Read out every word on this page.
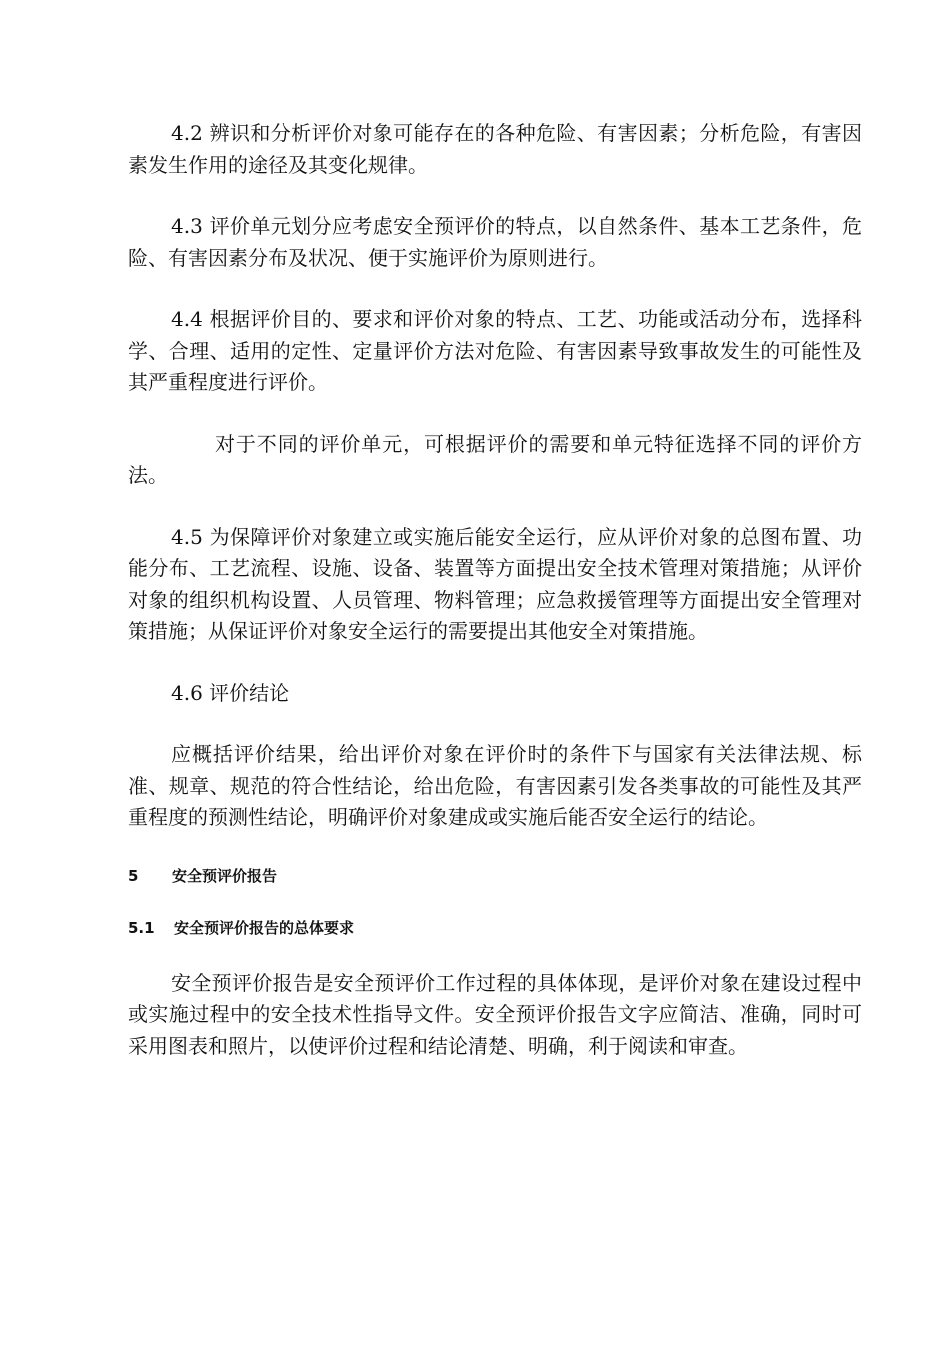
4.2 辨识和分析评价对象可能存在的各种危险、有害因素；分析危险，有害因素发生作用的途径及其变化规律。

4.3 评价单元划分应考虑安全预评价的特点，以自然条件、基本工艺条件，危险、有害因素分布及状况、便于实施评价为原则进行。

4.4 根据评价目的、要求和评价对象的特点、工艺、功能或活动分布，选择科学、合理、适用的定性、定量评价方法对危险、有害因素导致事故发生的可能性及其严重程度进行评价。

对于不同的评价单元，可根据评价的需要和单元特征选择不同的评价方法。

4.5 为保障评价对象建立或实施后能安全运行，应从评价对象的总图布置、功能分布、工艺流程、设施、设备、装置等方面提出安全技术管理对策措施；从评价对象的组织机构设置、人员管理、物料管理；应急救援管理等方面提出安全管理对策措施；从保证评价对象安全运行的需要提出其他安全对策措施。

4.6 评价结论

应概括评价结果，给出评价对象在评价时的条件下与国家有关法律法规、标准、规章、规范的符合性结论，给出危险，有害因素引发各类事故的可能性及其严重程度的预测性结论，明确评价对象建成或实施后能否安全运行的结论。

5 安全预评价报告

5.1 安全预评价报告的总体要求

安全预评价报告是安全预评价工作过程的具体体现，是评价对象在建设过程中或实施过程中的安全技术性指导文件。安全预评价报告文字应简洁、准确，同时可采用图表和照片，以使评价过程和结论清楚、明确，利于阅读和审查。
